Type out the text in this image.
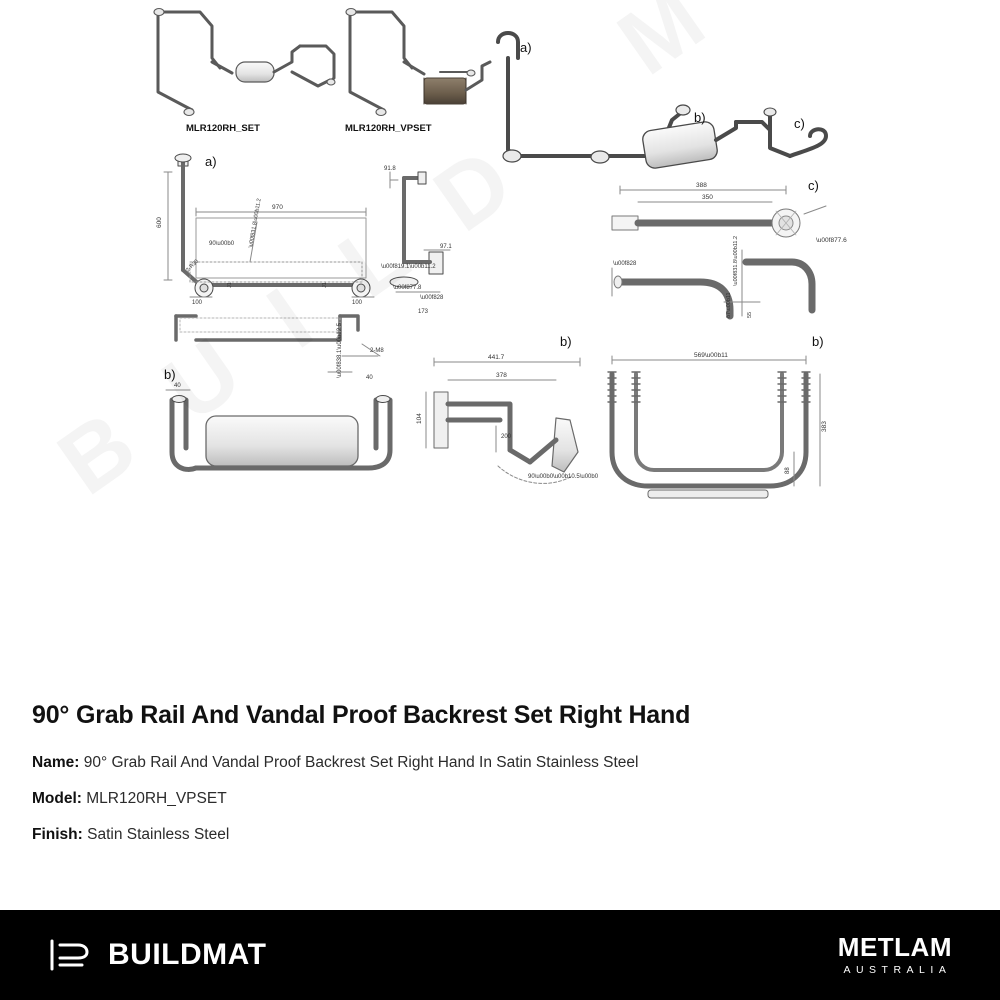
MLR120RH_SET	MLR120RH_VPSET
a)
b)	c)
a)
600
970
100	100
90\u00b0
2-R30
\u00f831.8\u00b11.2
J1	J1
91.8
97.1
\u00f819.1\u00b11.2
\u00f877.8
\u00f828
173
2-M8
\u00f838.1\u00b12.5	40
b)
40
b)
441.7
378
104
200
90\u00b0\u00b10.5\u00b0
b)
569\u00b11
383
88
c)
388
350
\u00f877.6
\u00f828	\u00f831.8\u00b11.2
87\u00b11	55
90° Grab Rail And Vandal Proof Backrest Set Right Hand
Name: 90° Grab Rail And Vandal Proof Backrest Set Right Hand In Satin Stainless Steel
Model: MLR120RH_VPSET
Finish: Satin Stainless Steel
BUILDMAT	METLAM
AUSTRALIA
